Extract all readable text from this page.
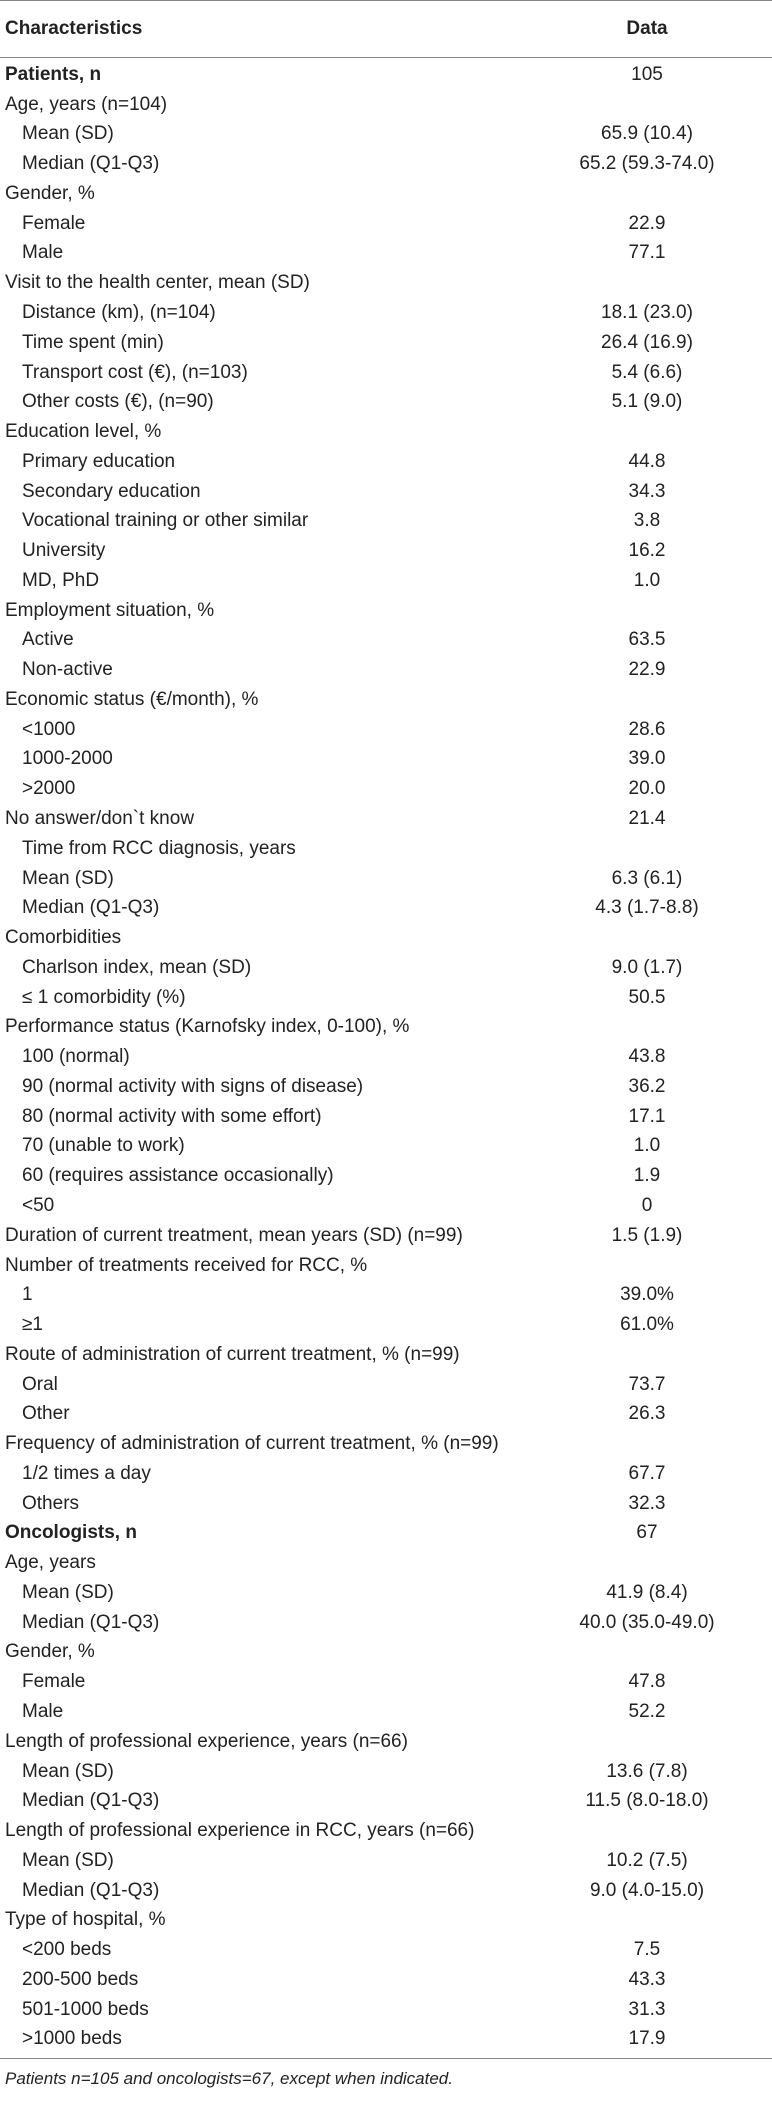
Characteristics	Data
Patients, n	105
Age, years (n=104)
Mean (SD)	65.9 (10.4)
Median (Q1-Q3)	65.2 (59.3-74.0)
Gender, %
Female	22.9
Male	77.1
Visit to the health center, mean (SD)
Distance (km), (n=104)	18.1 (23.0)
Time spent (min)	26.4 (16.9)
Transport cost (€), (n=103)	5.4 (6.6)
Other costs (€), (n=90)	5.1 (9.0)
Education level, %
Primary education	44.8
Secondary education	34.3
Vocational training or other similar	3.8
University	16.2
MD, PhD	1.0
Employment situation, %
Active	63.5
Non-active	22.9
Economic status (€/month), %
<1000	28.6
1000-2000	39.0
>2000	20.0
No answer/don`t know	21.4
Time from RCC diagnosis, years
Mean (SD)	6.3 (6.1)
Median (Q1-Q3)	4.3 (1.7-8.8)
Comorbidities
Charlson index, mean (SD)	9.0 (1.7)
≤ 1 comorbidity (%)	50.5
Performance status (Karnofsky index, 0-100), %
100 (normal)	43.8
90 (normal activity with signs of disease)	36.2
80 (normal activity with some effort)	17.1
70 (unable to work)	1.0
60 (requires assistance occasionally)	1.9
<50	0
Duration of current treatment, mean years (SD) (n=99)	1.5 (1.9)
Number of treatments received for RCC, %
1	39.0%
≥1	61.0%
Route of administration of current treatment, % (n=99)
Oral	73.7
Other	26.3
Frequency of administration of current treatment, % (n=99)
1/2 times a day	67.7
Others	32.3
Oncologists, n	67
Age, years
Mean (SD)	41.9 (8.4)
Median (Q1-Q3)	40.0 (35.0-49.0)
Gender, %
Female	47.8
Male	52.2
Length of professional experience, years (n=66)
Mean (SD)	13.6 (7.8)
Median (Q1-Q3)	11.5 (8.0-18.0)
Length of professional experience in RCC, years (n=66)
Mean (SD)	10.2 (7.5)
Median (Q1-Q3)	9.0 (4.0-15.0)
Type of hospital, %
<200 beds	7.5
200-500 beds	43.3
501-1000 beds	31.3
>1000 beds	17.9
Patients n=105 and oncologists=67, except when indicated.
